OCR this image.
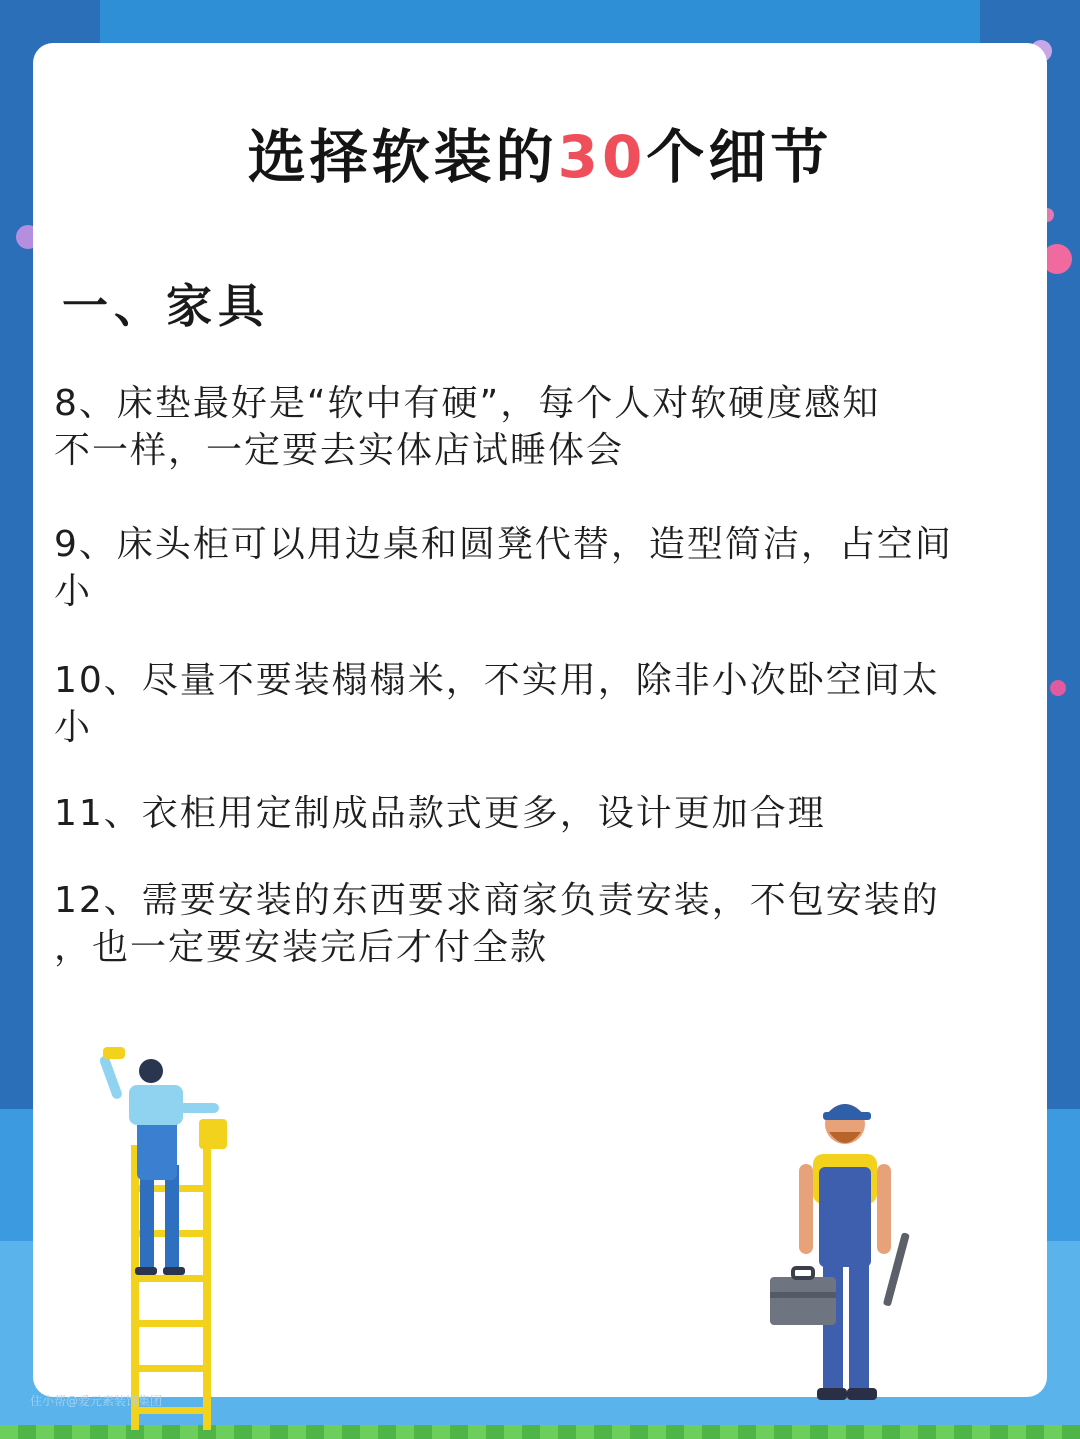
选择软装的30个细节
一、家具
8、床垫最好是“软中有硬”，每个人对软硬度感知
不一样，一定要去实体店试睡体会
9、床头柜可以用边桌和圆凳代替，造型简洁，占空间
小
10、尽量不要装榻榻米，不实用，除非小次卧空间太
小
11、衣柜用定制成品款式更多，设计更加合理
12、需要安装的东西要求商家负责安装，不包安装的
，也一定要安装完后才付全款
住小帮@爱元素装饰集团
